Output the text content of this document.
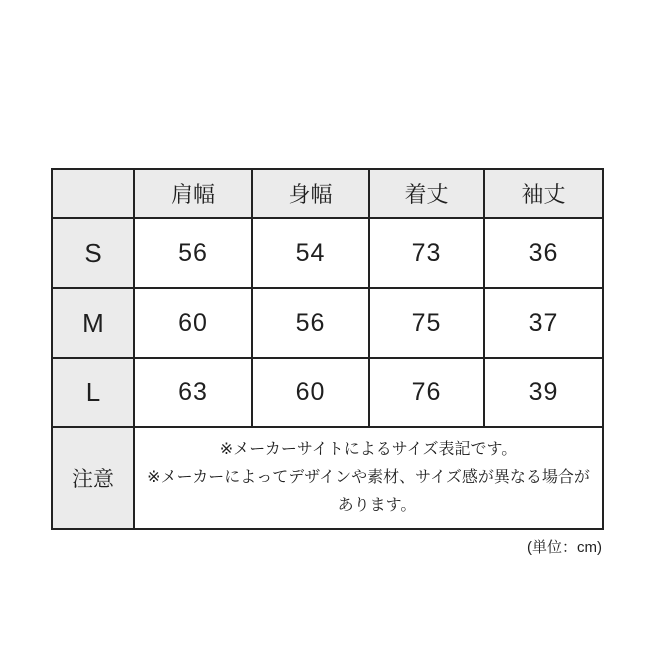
	肩幅	身幅	着丈	袖丈
S	56	54	73	36
M	60	56	75	37
L	63	60	76	39
注意	※メーカーサイトによるサイズ表記です。
※メーカーによってデザインや素材、サイズ感が異なる場合が
あります。			
(単位：cm)
